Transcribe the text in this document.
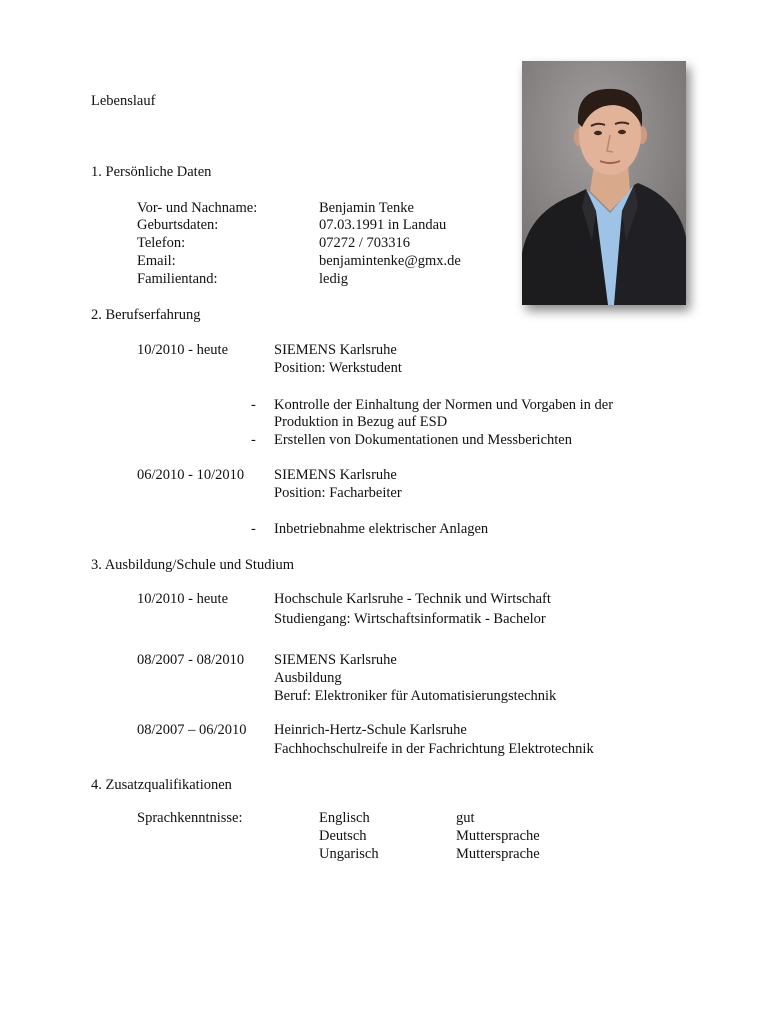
Lebenslauf
1. Persönliche Daten
Vor- und Nachname:	Benjamin Tenke
Geburtsdaten:	07.03.1991 in Landau
Telefon:	07272 / 703316
Email:	benjamintenke@gmx.de
Familientand:	ledig
2. Berufserfahrung
10/2010 - heute	SIEMENS Karlsruhe
Position: Werkstudent
- Kontrolle der Einhaltung der Normen und Vorgaben in der
Produktion in Bezug auf ESD
- Erstellen von Dokumentationen und Messberichten
06/2010 - 10/2010 SIEMENS Karlsruhe
Position: Facharbeiter
- Inbetriebnahme elektrischer Anlagen
3. Ausbildung/Schule und Studium
10/2010 - heute	Hochschule Karlsruhe - Technik und Wirtschaft
Studiengang: Wirtschaftsinformatik - Bachelor
08/2007 - 08/2010 SIEMENS Karlsruhe
Ausbildung
Beruf: Elektroniker für Automatisierungstechnik
08/2007 – 06/2010 Heinrich-Hertz-Schule Karlsruhe
Fachhochschulreife in der Fachrichtung Elektrotechnik
4. Zusatzqualifikationen
Sprachkenntnisse:	Englisch	gut
Deutsch	Muttersprache
Ungarisch	Muttersprache
